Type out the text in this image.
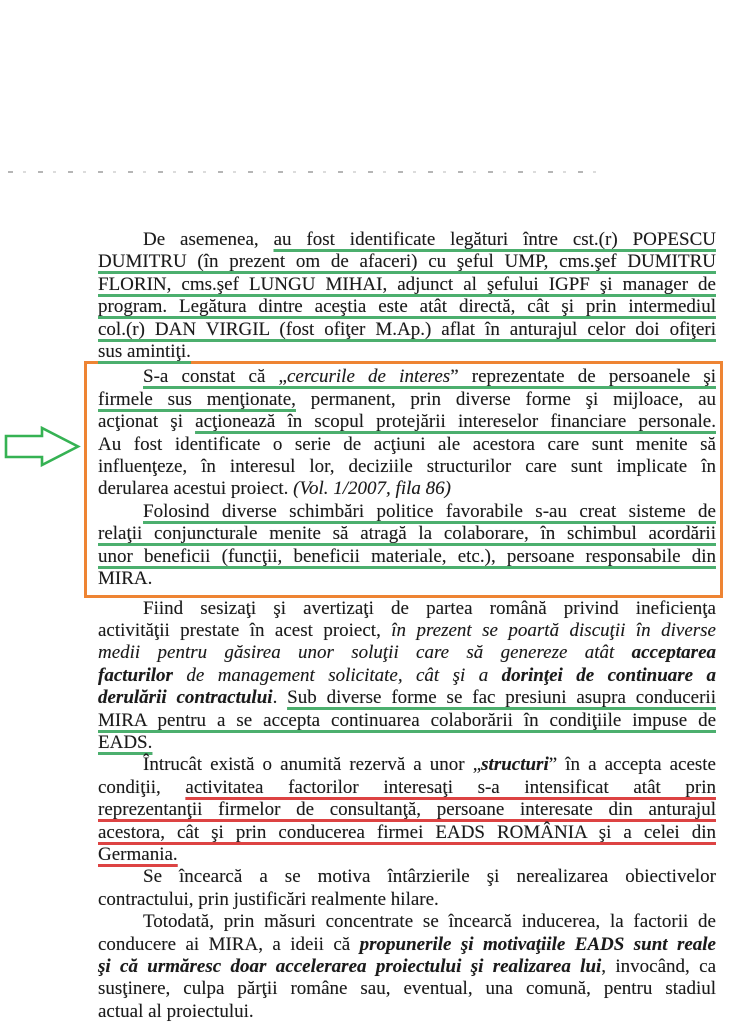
De asemenea, au fost identificate legături între cst.(r) POPESCU
DUMITRU (în prezent om de afaceri) cu şeful UMP, cms.şef DUMITRU
FLORIN, cms.şef LUNGU MIHAI, adjunct al şefului IGPF şi manager de
program. Legătura dintre aceştia este atât directă, cât şi prin intermediul
col.(r) DAN VIRGIL (fost ofiţer M.Ap.) aflat în anturajul celor doi ofiţeri
sus amintiţi.
S-a constat că „cercurile de interes” reprezentate de persoanele şi
firmele sus menţionate, permanent, prin diverse forme şi mijloace, au
acţionat şi acţionează în scopul protejării intereselor financiare personale.
Au fost identificate o serie de acţiuni ale acestora care sunt menite să
influenţeze, în interesul lor, deciziile structurilor care sunt implicate în
derularea acestui proiect. (Vol. 1/2007, fila 86)
Folosind diverse schimbări politice favorabile s-au creat sisteme de
relaţii conjuncturale menite să atragă la colaborare, în schimbul acordării
unor beneficii (funcţii, beneficii materiale, etc.), persoane responsabile din
MIRA.
Fiind sesizaţi şi avertizaţi de partea română privind ineficienţa
activităţii prestate în acest proiect, în prezent se poartă discuţii în diverse
medii pentru găsirea unor soluţii care să genereze atât acceptarea
facturilor de management solicitate, cât şi a dorinţei de continuare a
derulării contractului. Sub diverse forme se fac presiuni asupra conducerii
MIRA pentru a se accepta continuarea colaborării în condiţiile impuse de
EADS.
Întrucât există o anumită rezervă a unor „structuri” în a accepta aceste
condiţii, activitatea factorilor interesaţi s-a intensificat atât prin
reprezentanţii firmelor de consultanţă, persoane interesate din anturajul
acestora, cât şi prin conducerea firmei EADS ROMÂNIA şi a celei din
Germania.
Se încearcă a se motiva întârzierile şi nerealizarea obiectivelor
contractului, prin justificări realmente hilare.
Totodată, prin măsuri concentrate se încearcă inducerea, la factorii de
conducere ai MIRA, a ideii că propunerile şi motivaţiile EADS sunt reale
şi că urmăresc doar accelerarea proiectului şi realizarea lui, invocând, ca
susţinere, culpa părţii române sau, eventual, una comună, pentru stadiul
actual al proiectului.
